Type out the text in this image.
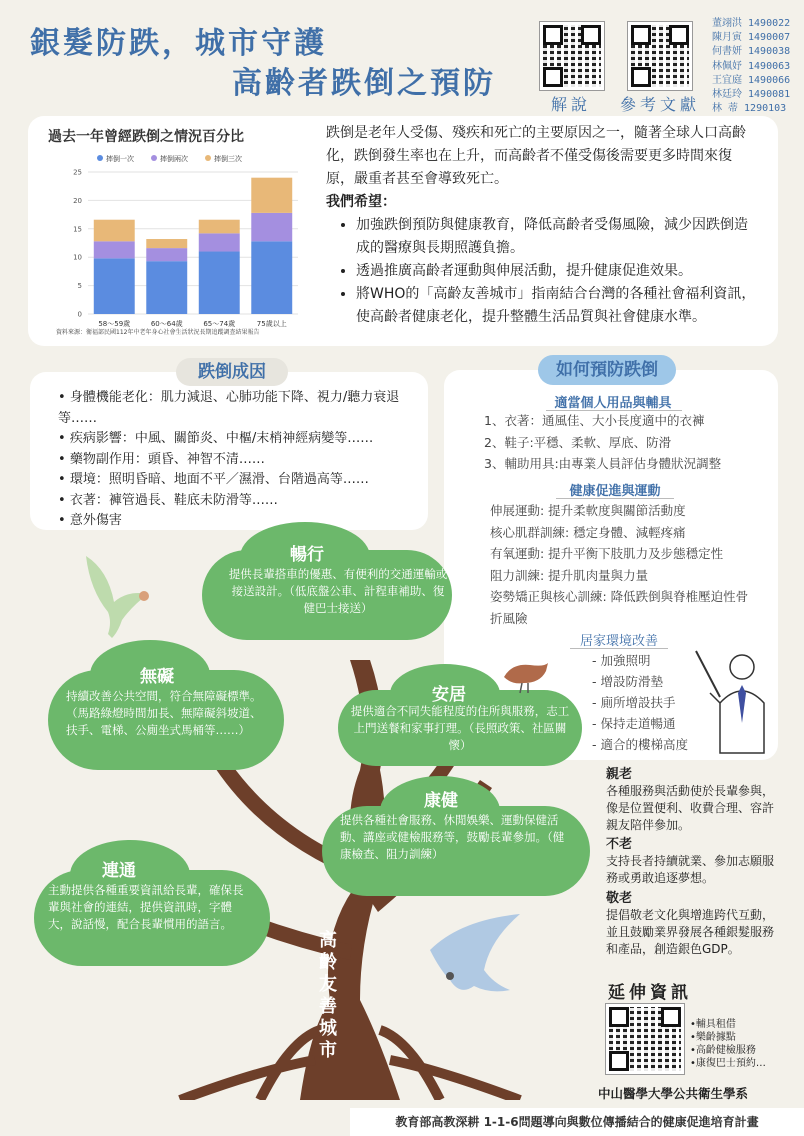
銀髮防跌，城市守護
高齡者跌倒之預防
解說 參考文獻
董翊洪 1490022
陳月寅 1490007
何書妍 1490038
林佩妤 1490063
王宜庭 1490066
林廷玲 1490081
林 蒂 1290103
過去一年曾經跌倒之情況百分比
摔倒一次	摔倒兩次	摔倒三次
0
5
10
15
20
25
58～59歲	60～64歲	65～74歲	75歲以上
資料來源：衛福部民國112年中老年身心社會生活狀況長期追蹤調查結果報告
跌倒是老年人受傷、殘疾和死亡的主要原因之一，隨著全球人口高齡化，跌倒發生率也在上升，而高齡者不僅受傷後需要更多時間來復原，嚴重者甚至會導致死亡。
我們希望：
• 加強跌倒預防與健康教育，降低高齡者受傷風險，減少因跌倒造成的醫療與長期照護負擔。
• 透過推廣高齡者運動與伸展活動，提升健康促進效果。
• 將WHO的「高齡友善城市」指南結合台灣的各種社會福利資訊，使高齡者健康老化，提升整體生活品質與社會健康水準。
跌倒成因
• 身體機能老化：肌力減退、心肺功能下降、視力/聽力衰退等……
• 疾病影響：中風、關節炎、中樞/末梢神經病變等……
• 藥物副作用：頭昏、神智不清……
• 環境：照明昏暗、地面不平／濕滑、台階過高等……
• 衣著：褲管過長、鞋底未防滑等……
• 意外傷害
如何預防跌倒
適當個人用品與輔具
1、衣著：通風佳、大小長度適中的衣褲
2、鞋子:平穩、柔軟、厚底、防滑
3、輔助用具:由專業人員評估身體狀況調整
健康促進與運動
伸展運動: 提升柔軟度與關節活動度
核心肌群訓練: 穩定身體、減輕疼痛
有氧運動: 提升平衡下肢肌力及步態穩定性
阻力訓練: 提升肌肉量與力量
姿勢矯正與核心訓練: 降低跌倒與脊椎壓迫性骨折風險
居家環境改善
- 加強照明
- 增設防滑墊
- 廁所增設扶手
- 保持走道暢通
- 適合的樓梯高度
暢行
提供長輩搭車的優惠、有便利的交通運輸或接送設計。（低底盤公車、計程車補助、復健巴士接送）
無礙
持續改善公共空間，符合無障礙標準。（馬路綠燈時間加長、無障礙斜坡道、扶手、電梯、公廁坐式馬桶等……）
安居
提供適合不同失能程度的住所與服務，志工上門送餐和家事打理。（長照政策、社區關懷）
康健
提供各種社會服務、休閒娛樂、運動保健活動、講座或健檢服務等，鼓勵長輩參加。（健康檢查、阻力訓練）
連通
主動提供各種重要資訊給長輩，確保長輩與社會的連結，提供資訊時，字體大，說話慢，配合長輩慣用的語言。
高齡友善城市
親老
各種服務與活動使於長輩參與，像是位置便利、收費合理、容許親友陪伴參加。
不老
支持長者持續就業、參加志願服務或勇敢追逐夢想。
敬老
提倡敬老文化與增進跨代互動，並且鼓勵業界發展各種銀髮服務和產品，創造銀色GDP。
延伸資訊
•輔具租借
•樂齡據點
•高齡健檢服務
•康復巴士預約…
中山醫學大學公共衛生學系
教育部高教深耕 1-1-6問題導向與數位傳播結合的健康促進培育計畫
